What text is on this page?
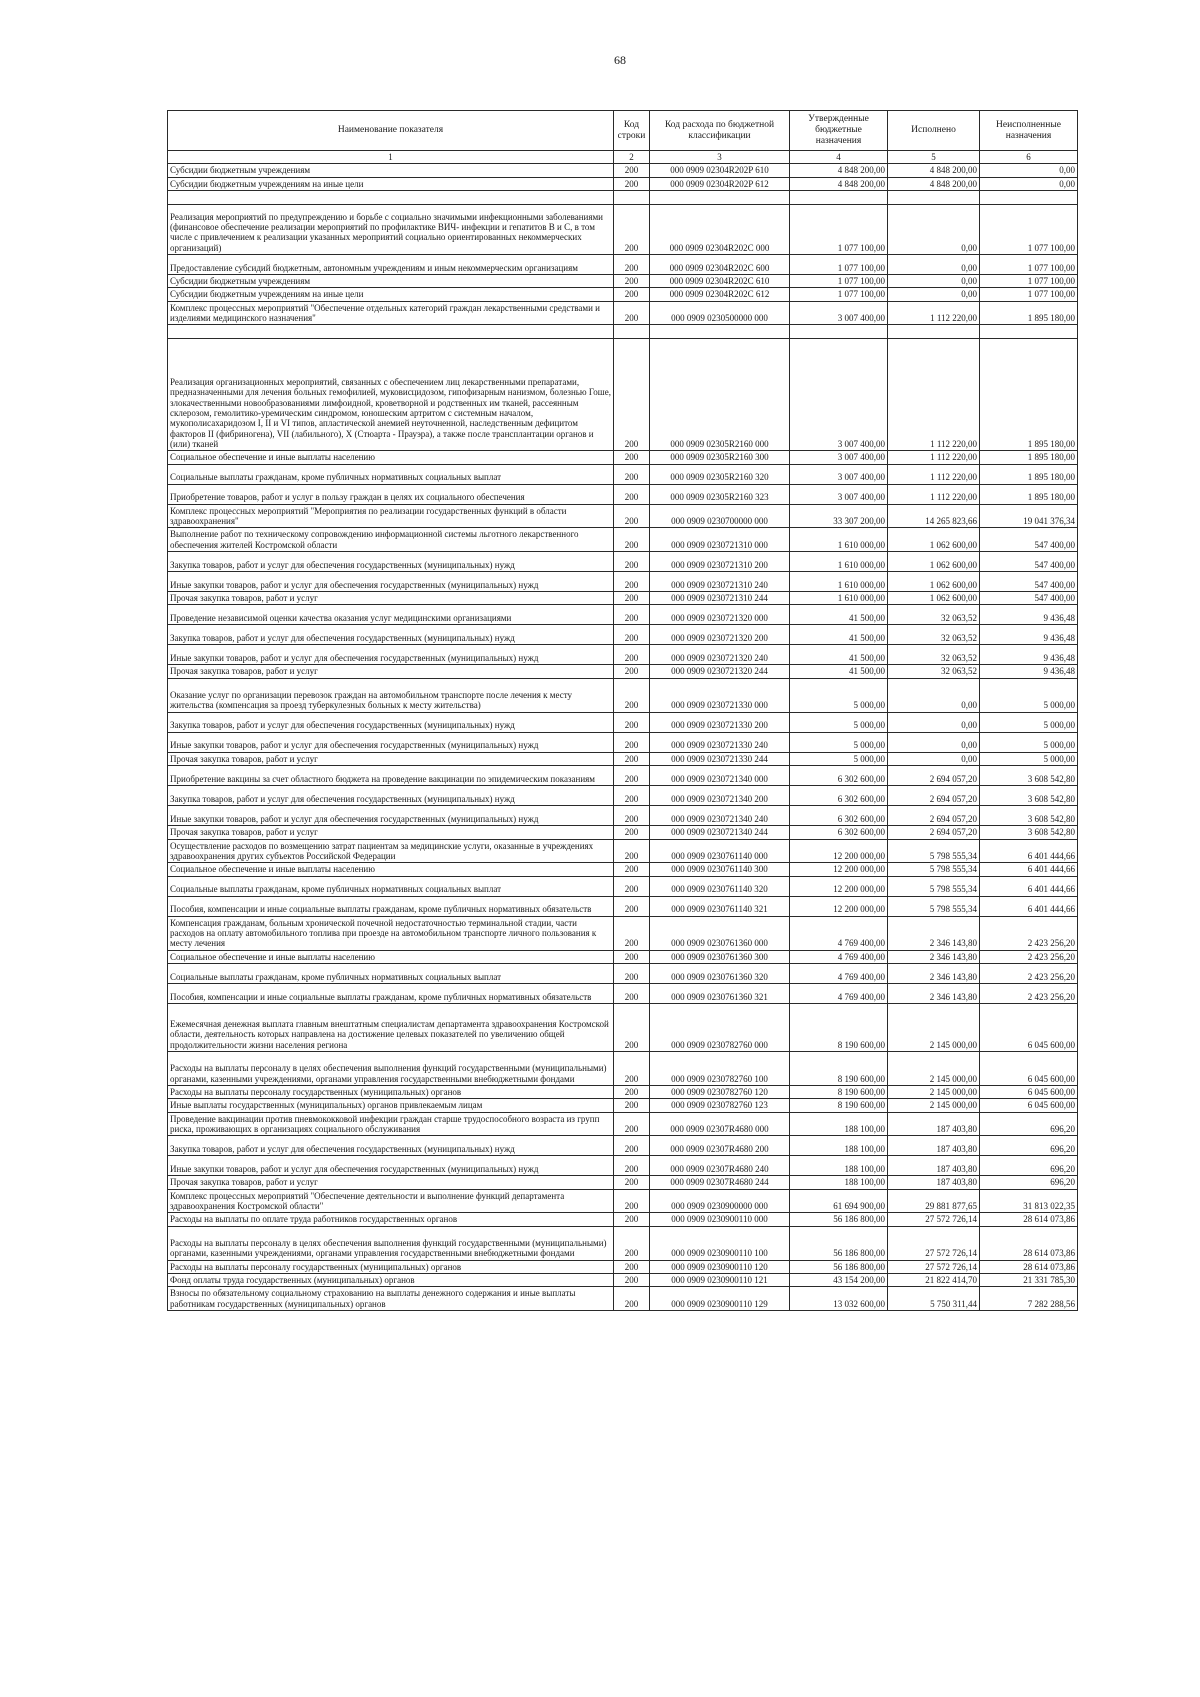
68
Наименование показателя	Код строки	Код расхода по бюджетной классификации	Утвержденные бюджетные назначения	Исполнено	Неисполненные назначения
1	2	3	4	5	6
Субсидии бюджетным учреждениям	200	000 0909 02304R202P 610	4 848 200,00	4 848 200,00	0,00
Субсидии бюджетным учреждениям на иные цели	200	000 0909 02304R202P 612	4 848 200,00	4 848 200,00	0,00

Реализация мероприятий по предупреждению и борьбе с социально значимыми инфекционными заболеваниями (финансовое обеспечение реализации мероприятий по профилактике ВИЧ- инфекции и гепатитов В и С, в том числе с привлечением к реализации указанных мероприятий социально ориентированных некоммерческих организаций)	200	000 0909 02304R202C 000	1 077 100,00	0,00	1 077 100,00
Предоставление субсидий бюджетным, автономным учреждениям и иным некоммерческим организациям	200	000 0909 02304R202C 600	1 077 100,00	0,00	1 077 100,00
Субсидии бюджетным учреждениям	200	000 0909 02304R202C 610	1 077 100,00	0,00	1 077 100,00
Субсидии бюджетным учреждениям на иные цели	200	000 0909 02304R202C 612	1 077 100,00	0,00	1 077 100,00
Комплекс процессных мероприятий "Обеспечение отдельных категорий граждан лекарственными средствами и изделиями медицинского назначения"	200	000 0909 0230500000 000	3 007 400,00	1 112 220,00	1 895 180,00

Реализация организационных мероприятий, связанных с обеспечением лиц лекарственными препаратами, предназначенными для лечения больных гемофилией, муковисцидозом, гипофизарным нанизмом, болезнью Гоше, злокачественными новообразованиями лимфоидной, кроветворной и родственных им тканей, рассеянным склерозом, гемолитико-уремическим синдромом, юношеским артритом с системным началом, мукополисахаридозом I, II и VI типов, апластической анемией неуточненной, наследственным дефицитом факторов II (фибриногена), VII (лабильного), X (Стюарта - Прауэра), а также после трансплантации органов и (или) тканей	200	000 0909 02305R2160 000	3 007 400,00	1 112 220,00	1 895 180,00
Социальное обеспечение и иные выплаты населению	200	000 0909 02305R2160 300	3 007 400,00	1 112 220,00	1 895 180,00
Социальные выплаты гражданам, кроме публичных нормативных социальных выплат	200	000 0909 02305R2160 320	3 007 400,00	1 112 220,00	1 895 180,00
Приобретение товаров, работ и услуг в пользу граждан в целях их социального обеспечения	200	000 0909 02305R2160 323	3 007 400,00	1 112 220,00	1 895 180,00
Комплекс процессных мероприятий "Мероприятия по реализации государственных функций в области здравоохранения"	200	000 0909 0230700000 000	33 307 200,00	14 265 823,66	19 041 376,34
Выполнение работ по техническому сопровождению информационной системы льготного лекарственного обеспечения жителей Костромской области	200	000 0909 0230721310 000	1 610 000,00	1 062 600,00	547 400,00
Закупка товаров, работ и услуг для обеспечения государственных (муниципальных) нужд	200	000 0909 0230721310 200	1 610 000,00	1 062 600,00	547 400,00
Иные закупки товаров, работ и услуг для обеспечения государственных (муниципальных) нужд	200	000 0909 0230721310 240	1 610 000,00	1 062 600,00	547 400,00
Прочая закупка товаров, работ и услуг	200	000 0909 0230721310 244	1 610 000,00	1 062 600,00	547 400,00
Проведение независимой оценки качества оказания услуг медицинскими организациями	200	000 0909 0230721320 000	41 500,00	32 063,52	9 436,48
Закупка товаров, работ и услуг для обеспечения государственных (муниципальных) нужд	200	000 0909 0230721320 200	41 500,00	32 063,52	9 436,48
Иные закупки товаров, работ и услуг для обеспечения государственных (муниципальных) нужд	200	000 0909 0230721320 240	41 500,00	32 063,52	9 436,48
Прочая закупка товаров, работ и услуг	200	000 0909 0230721320 244	41 500,00	32 063,52	9 436,48
Оказание услуг по организации перевозок граждан на автомобильном транспорте после лечения к месту жительства (компенсация за проезд туберкулезных больных к месту жительства)	200	000 0909 0230721330 000	5 000,00	0,00	5 000,00
Закупка товаров, работ и услуг для обеспечения государственных (муниципальных) нужд	200	000 0909 0230721330 200	5 000,00	0,00	5 000,00
Иные закупки товаров, работ и услуг для обеспечения государственных (муниципальных) нужд	200	000 0909 0230721330 240	5 000,00	0,00	5 000,00
Прочая закупка товаров, работ и услуг	200	000 0909 0230721330 244	5 000,00	0,00	5 000,00
Приобретение вакцины за счет областного бюджета на проведение вакцинации по эпидемическим показаниям	200	000 0909 0230721340 000	6 302 600,00	2 694 057,20	3 608 542,80
Закупка товаров, работ и услуг для обеспечения государственных (муниципальных) нужд	200	000 0909 0230721340 200	6 302 600,00	2 694 057,20	3 608 542,80
Иные закупки товаров, работ и услуг для обеспечения государственных (муниципальных) нужд	200	000 0909 0230721340 240	6 302 600,00	2 694 057,20	3 608 542,80
Прочая закупка товаров, работ и услуг	200	000 0909 0230721340 244	6 302 600,00	2 694 057,20	3 608 542,80
Осуществление расходов по возмещению затрат пациентам за медицинские услуги, оказанные в учреждениях здравоохранения других субъектов Российской Федерации	200	000 0909 0230761140 000	12 200 000,00	5 798 555,34	6 401 444,66
Социальное обеспечение и иные выплаты населению	200	000 0909 0230761140 300	12 200 000,00	5 798 555,34	6 401 444,66
Социальные выплаты гражданам, кроме публичных нормативных социальных выплат	200	000 0909 0230761140 320	12 200 000,00	5 798 555,34	6 401 444,66
Пособия, компенсации и иные социальные выплаты гражданам, кроме публичных нормативных обязательств	200	000 0909 0230761140 321	12 200 000,00	5 798 555,34	6 401 444,66
Компенсация гражданам, больным хронической почечной недостаточностью терминальной стадии, части расходов на оплату автомобильного топлива при проезде на автомобильном транспорте личного пользования к месту лечения	200	000 0909 0230761360 000	4 769 400,00	2 346 143,80	2 423 256,20
Социальное обеспечение и иные выплаты населению	200	000 0909 0230761360 300	4 769 400,00	2 346 143,80	2 423 256,20
Социальные выплаты гражданам, кроме публичных нормативных социальных выплат	200	000 0909 0230761360 320	4 769 400,00	2 346 143,80	2 423 256,20
Пособия, компенсации и иные социальные выплаты гражданам, кроме публичных нормативных обязательств	200	000 0909 0230761360 321	4 769 400,00	2 346 143,80	2 423 256,20
Ежемесячная денежная выплата главным внештатным специалистам департамента здравоохранения Костромской области, деятельность которых направлена на достижение целевых показателей по увеличению общей продолжительности жизни населения региона	200	000 0909 0230782760 000	8 190 600,00	2 145 000,00	6 045 600,00
Расходы на выплаты персоналу в целях обеспечения выполнения функций государственными (муниципальными) органами, казенными учреждениями, органами управления государственными внебюджетными фондами	200	000 0909 0230782760 100	8 190 600,00	2 145 000,00	6 045 600,00
Расходы на выплаты персоналу государственных (муниципальных) органов	200	000 0909 0230782760 120	8 190 600,00	2 145 000,00	6 045 600,00
Иные выплаты государственных (муниципальных) органов привлекаемым лицам	200	000 0909 0230782760 123	8 190 600,00	2 145 000,00	6 045 600,00
Проведение вакцинации против пневмококковой инфекции граждан старше трудоспособного возраста из групп риска, проживающих в организациях социального обслуживания	200	000 0909 02307R4680 000	188 100,00	187 403,80	696,20
Закупка товаров, работ и услуг для обеспечения государственных (муниципальных) нужд	200	000 0909 02307R4680 200	188 100,00	187 403,80	696,20
Иные закупки товаров, работ и услуг для обеспечения государственных (муниципальных) нужд	200	000 0909 02307R4680 240	188 100,00	187 403,80	696,20
Прочая закупка товаров, работ и услуг	200	000 0909 02307R4680 244	188 100,00	187 403,80	696,20
Комплекс процессных мероприятий "Обеспечение деятельности и выполнение функций департамента здравоохранения Костромской области"	200	000 0909 0230900000 000	61 694 900,00	29 881 877,65	31 813 022,35
Расходы на выплаты по оплате труда работников государственных органов	200	000 0909 0230900110 000	56 186 800,00	27 572 726,14	28 614 073,86
Расходы на выплаты персоналу в целях обеспечения выполнения функций государственными (муниципальными) органами, казенными учреждениями, органами управления государственными внебюджетными фондами	200	000 0909 0230900110 100	56 186 800,00	27 572 726,14	28 614 073,86
Расходы на выплаты персоналу государственных (муниципальных) органов	200	000 0909 0230900110 120	56 186 800,00	27 572 726,14	28 614 073,86
Фонд оплаты труда государственных (муниципальных) органов	200	000 0909 0230900110 121	43 154 200,00	21 822 414,70	21 331 785,30
Взносы по обязательному социальному страхованию на выплаты денежного содержания и иные выплаты работникам государственных (муниципальных) органов	200	000 0909 0230900110 129	13 032 600,00	5 750 311,44	7 282 288,56
